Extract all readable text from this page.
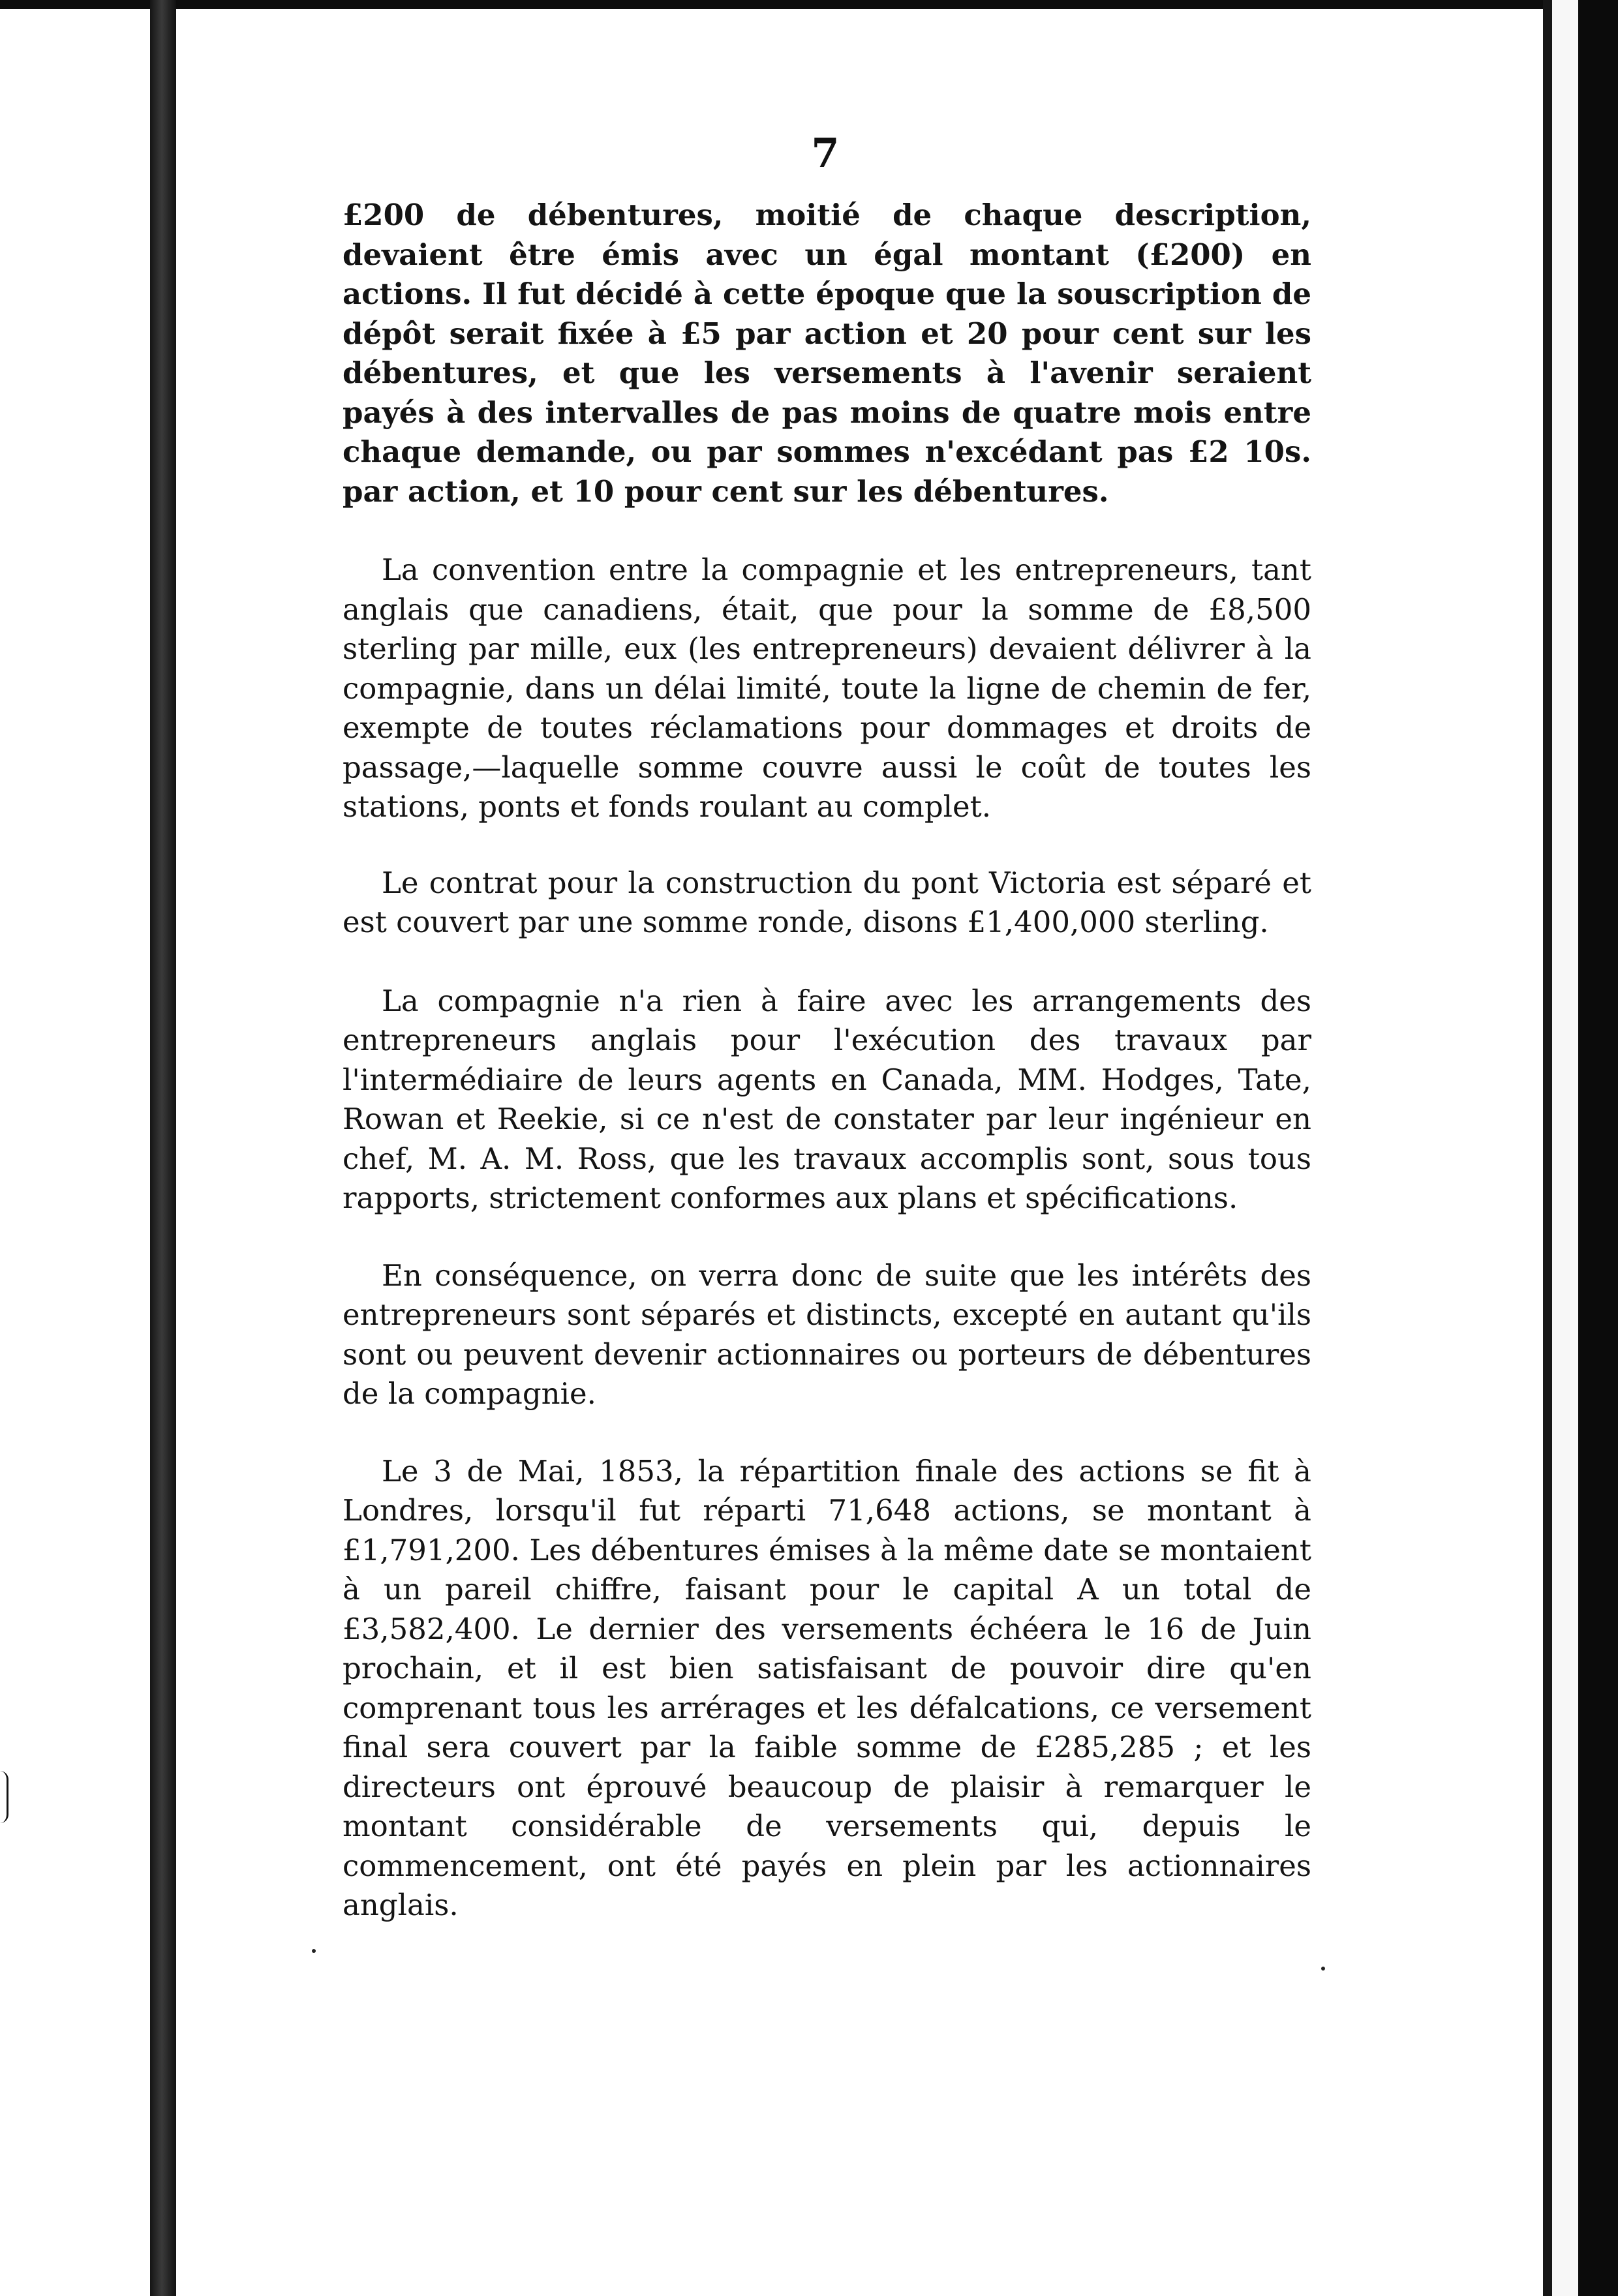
7

£200 de débentures, moitié de chaque description, devaient être émis avec un égal montant (£200) en actions. Il fut décidé à cette époque que la souscription de dépôt serait fixée à £5 par action et 20 pour cent sur les débentures, et que les versements à l'avenir seraient payés à des intervalles de pas moins de quatre mois entre chaque demande, ou par sommes n'excédant pas £2 10s. par action, et 10 pour cent sur les débentures.

La convention entre la compagnie et les entrepreneurs, tant anglais que canadiens, était, que pour la somme de £8,500 sterling par mille, eux (les entrepreneurs) devaient délivrer à la compagnie, dans un délai limité, toute la ligne de chemin de fer, exempte de toutes réclamations pour dommages et droits de passage,—laquelle somme couvre aussi le coût de toutes les stations, ponts et fonds roulant au complet.

Le contrat pour la construction du pont Victoria est séparé et est couvert par une somme ronde, disons £1,400,000 sterling.

La compagnie n'a rien à faire avec les arrangements des entrepreneurs anglais pour l'exécution des travaux par l'intermédiaire de leurs agents en Canada, MM. Hodges, Tate, Rowan et Reekie, si ce n'est de constater par leur ingénieur en chef, M. A. M. Ross, que les travaux accomplis sont, sous tous rapports, strictement conformes aux plans et spécifications.

En conséquence, on verra donc de suite que les intérêts des entrepreneurs sont séparés et distincts, excepté en autant qu'ils sont ou peuvent devenir actionnaires ou porteurs de débentures de la compagnie.

Le 3 de Mai, 1853, la répartition finale des actions se fit à Londres, lorsqu'il fut réparti 71,648 actions, se montant à £1,791,200. Les débentures émises à la même date se montaient à un pareil chiffre, faisant pour le capital A un total de £3,582,400. Le dernier des versements échéera le 16 de Juin prochain, et il est bien satisfaisant de pouvoir dire qu'en comprenant tous les arrérages et les défalcations, ce versement final sera couvert par la faible somme de £285,285 ; et les directeurs ont éprouvé beaucoup de plaisir à remarquer le montant considérable de versements qui, depuis le commencement, ont été payés en plein par les actionnaires anglais.
